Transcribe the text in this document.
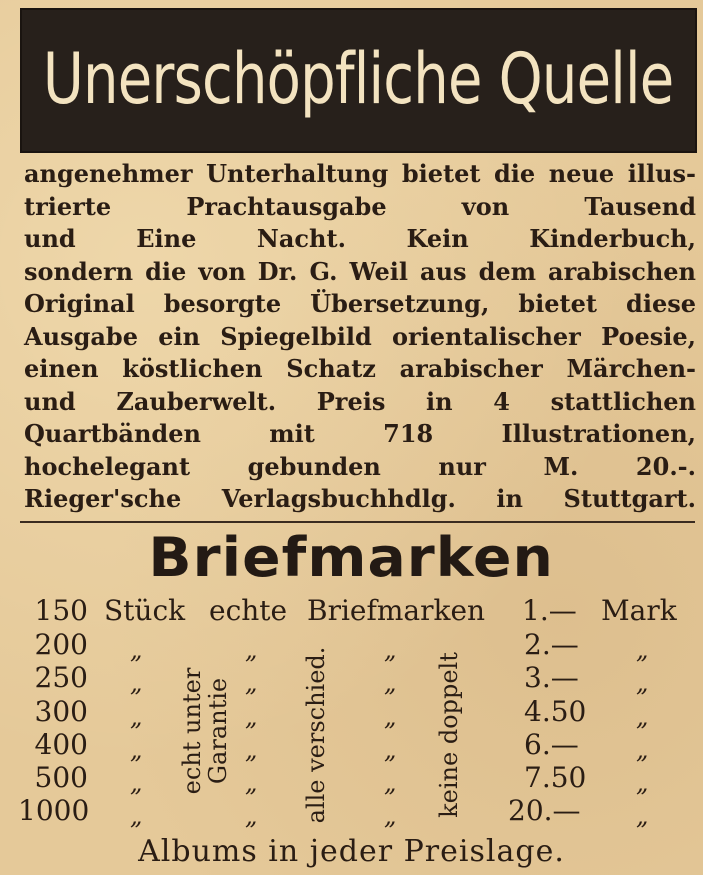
Unerschöpfliche Quelle
angenehmer Unterhaltung bietet die neue illus-
trierte Prachtausgabe von Tausend
und Eine Nacht. Kein Kinderbuch,
sondern die von Dr. G. Weil aus dem arabischen
Original besorgte Übersetzung, bietet diese
Ausgabe ein Spiegelbild orientalischer Poesie,
einen köstlichen Schatz arabischer Märchen-
und Zauberwelt. Preis in 4 stattlichen
Quartbänden mit 718 Illustrationen,
hochelegant gebunden nur M. 20.-.
Rieger'sche Verlagsbuchhdlg. in Stuttgart.
Briefmarken
150 Stück echte Briefmarken 1.— Mark
200
250
300
400
500
1000
„
„
„
„
„
„
„
„
„
„
„
„
„
„
„
„
„
„
„
„
„
„
„
„
echt unter
Garantie	alle verschied.	keine doppelt
2.—
3.—
4.50
6.—
7.50
20.—
Albums in jeder Preislage.
